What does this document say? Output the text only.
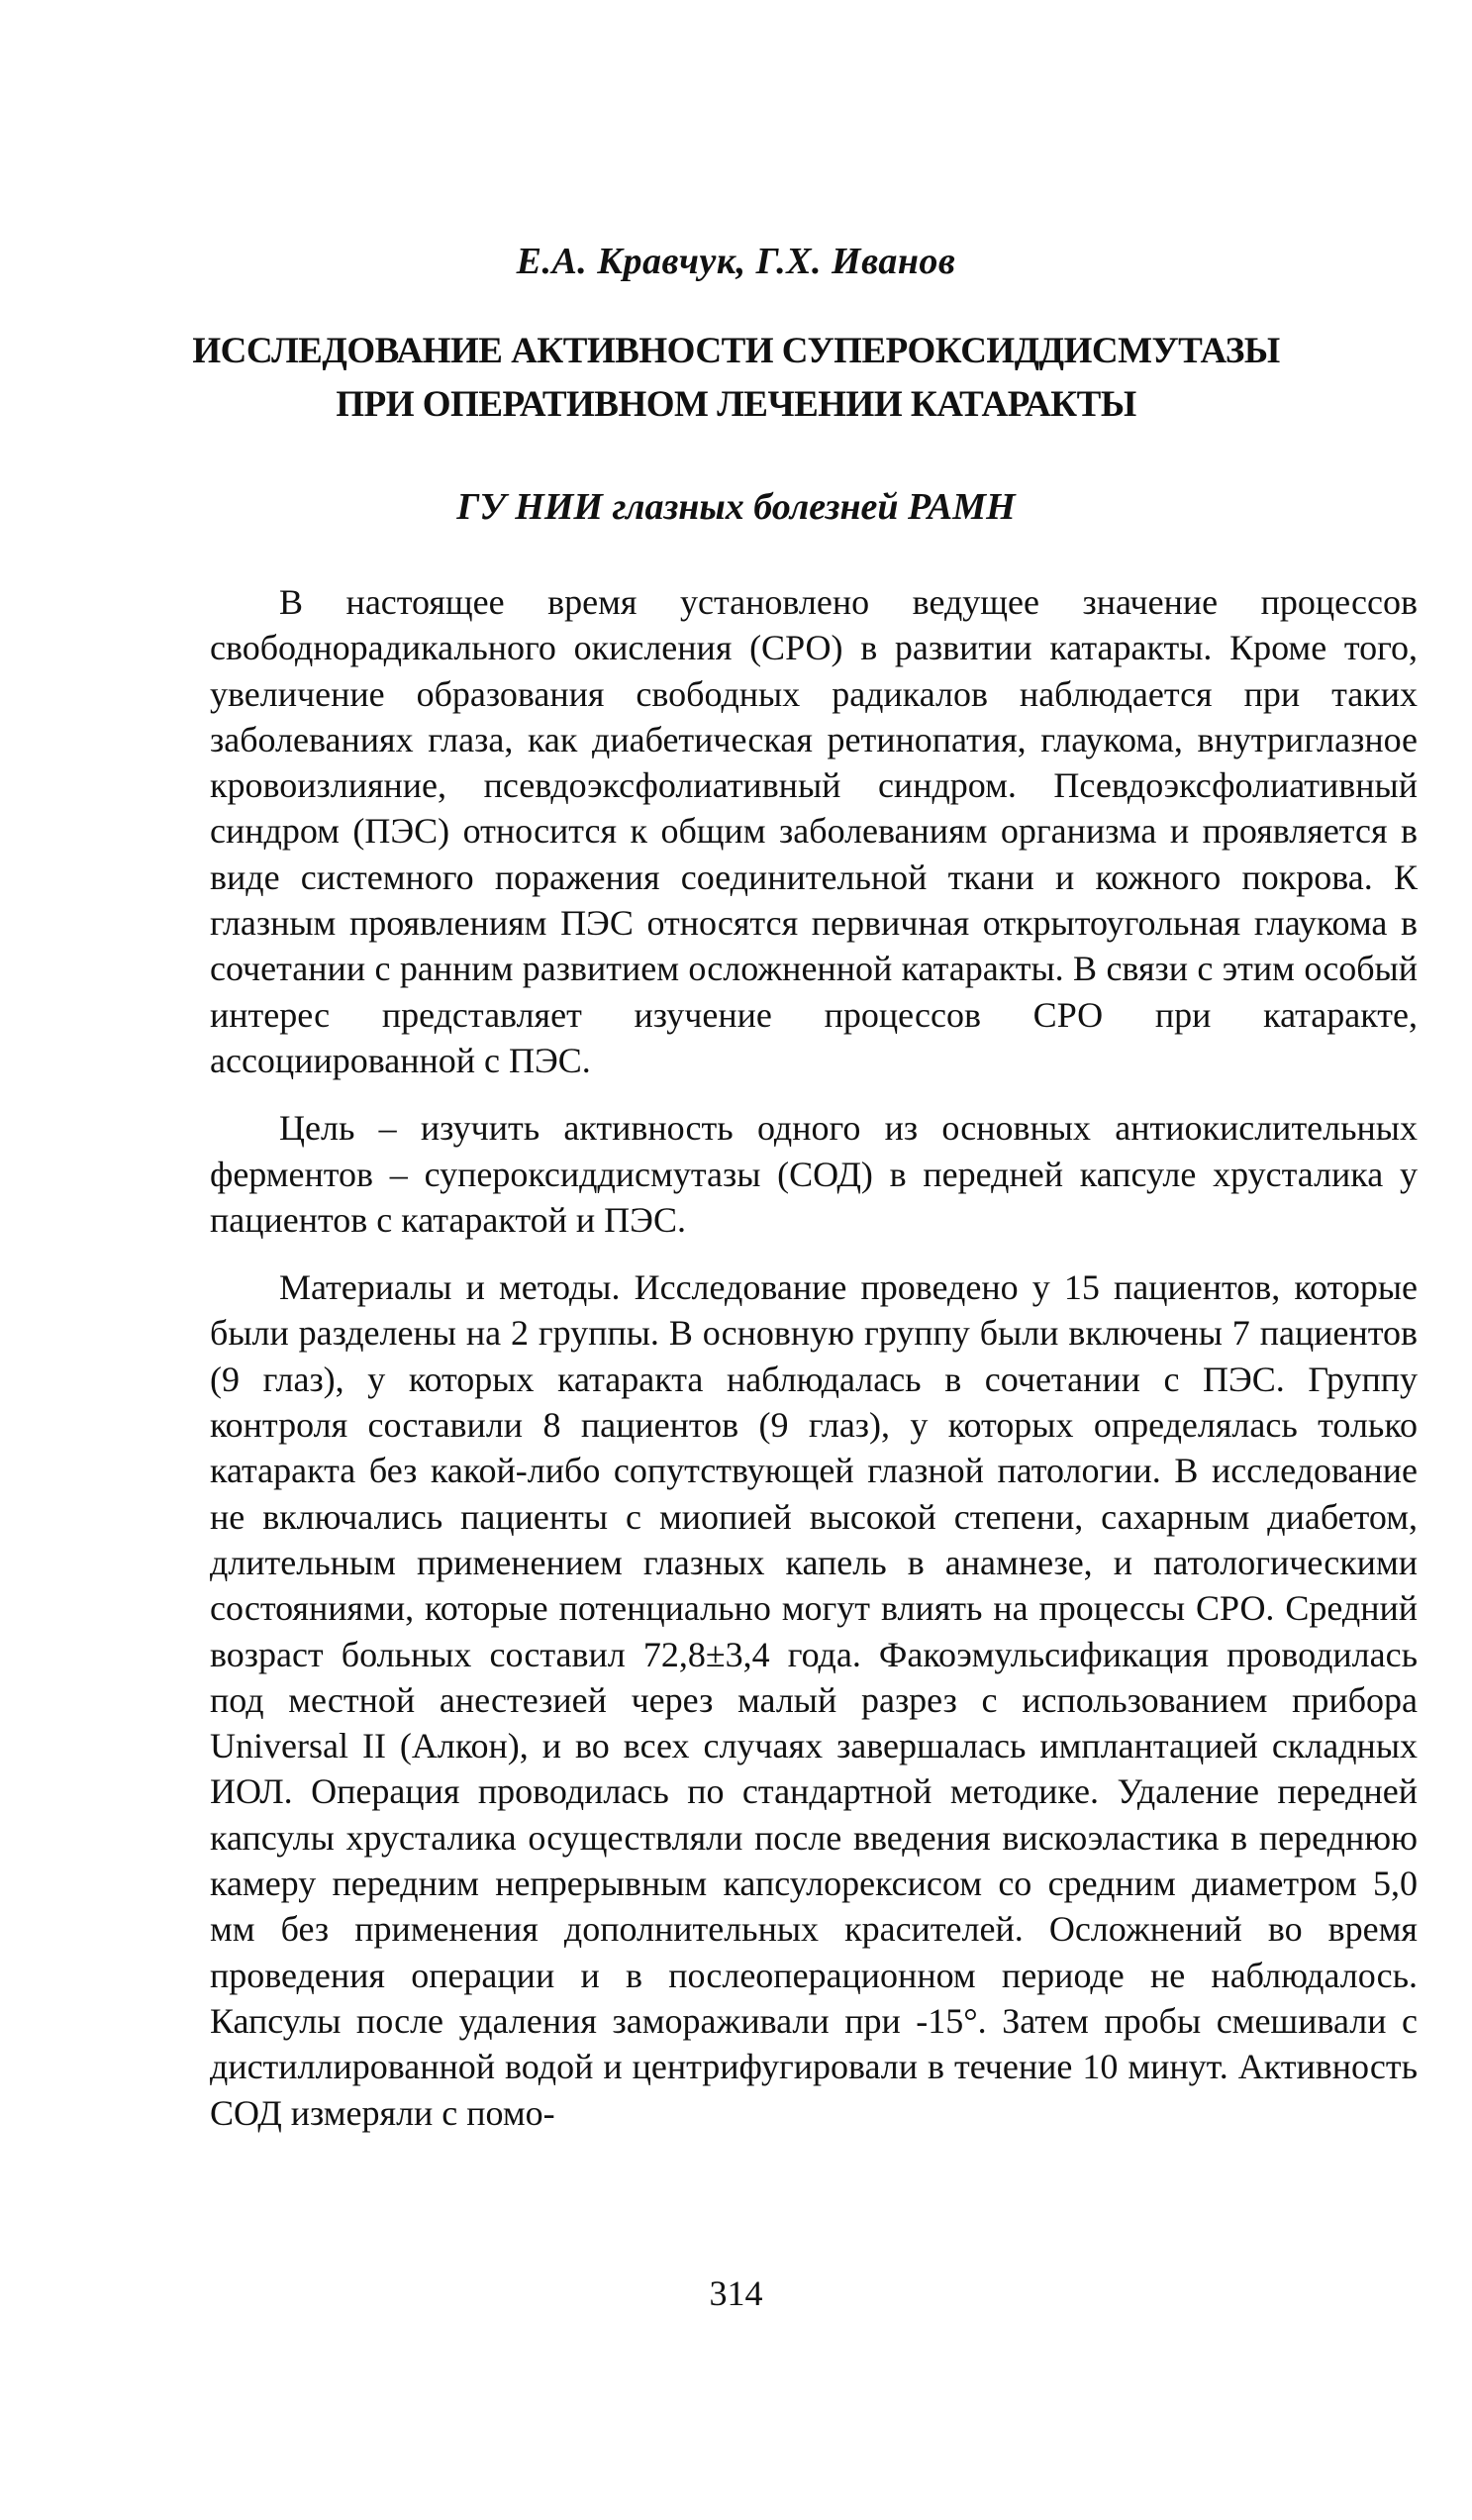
Е.А. Кравчук, Г.Х. Иванов
ИССЛЕДОВАНИЕ АКТИВНОСТИ СУПЕРОКСИДДИСМУТАЗЫ
ПРИ ОПЕРАТИВНОМ ЛЕЧЕНИИ КАТАРАКТЫ
ГУ НИИ глазных болезней РАМН

В настоящее время установлено ведущее значение процессов свободнорадикального окисления (СРО) в развитии катаракты. Кроме того, увеличение образования свободных радикалов наблюдается при таких заболеваниях глаза, как диабетическая ретинопатия, глаукома, внутриглазное кровоизлияние, псевдоэксфолиативный синдром. Псевдоэксфолиативный синдром (ПЭС) относится к общим заболеваниям организма и проявляется в виде системного поражения соединительной ткани и кожного покрова. К глазным проявлениям ПЭС относятся первичная открытоугольная глаукома в сочетании с ранним развитием осложненной катаракты. В связи с этим особый интерес представляет изучение процессов СРО при катаракте, ассоциированной с ПЭС.

Цель – изучить активность одного из основных антиокислительных ферментов – супероксиддисмутазы (СОД) в передней капсуле хрусталика у пациентов с катарактой и ПЭС.

Материалы и методы. Исследование проведено у 15 пациентов, которые были разделены на 2 группы. В основную группу были включены 7 пациентов (9 глаз), у которых катаракта наблюдалась в сочетании с ПЭС. Группу контроля составили 8 пациентов (9 глаз), у которых определялась только катаракта без какой-либо сопутствующей глазной патологии. В исследование не включались пациенты с миопией высокой степени, сахарным диабетом, длительным применением глазных капель в анамнезе, и патологическими состояниями, которые потенциально могут влиять на процессы СРО. Средний возраст больных составил 72,8±3,4 года. Факоэмульсификация проводилась под местной анестезией через малый разрез с использованием прибора Universal II (Алкон), и во всех случаях завершалась имплантацией складных ИОЛ. Операция проводилась по стандартной методике. Удаление передней капсулы хрусталика осуществляли после введения вискоэластика в переднюю камеру передним непрерывным капсулорексисом со средним диаметром 5,0 мм без применения дополнительных красителей. Осложнений во время проведения операции и в послеоперационном периоде не наблюдалось. Капсулы после удаления замораживали при -15°. Затем пробы смешивали с дистиллированной водой и центрифугировали в течение 10 минут. Активность СОД измеряли с помо-

314
